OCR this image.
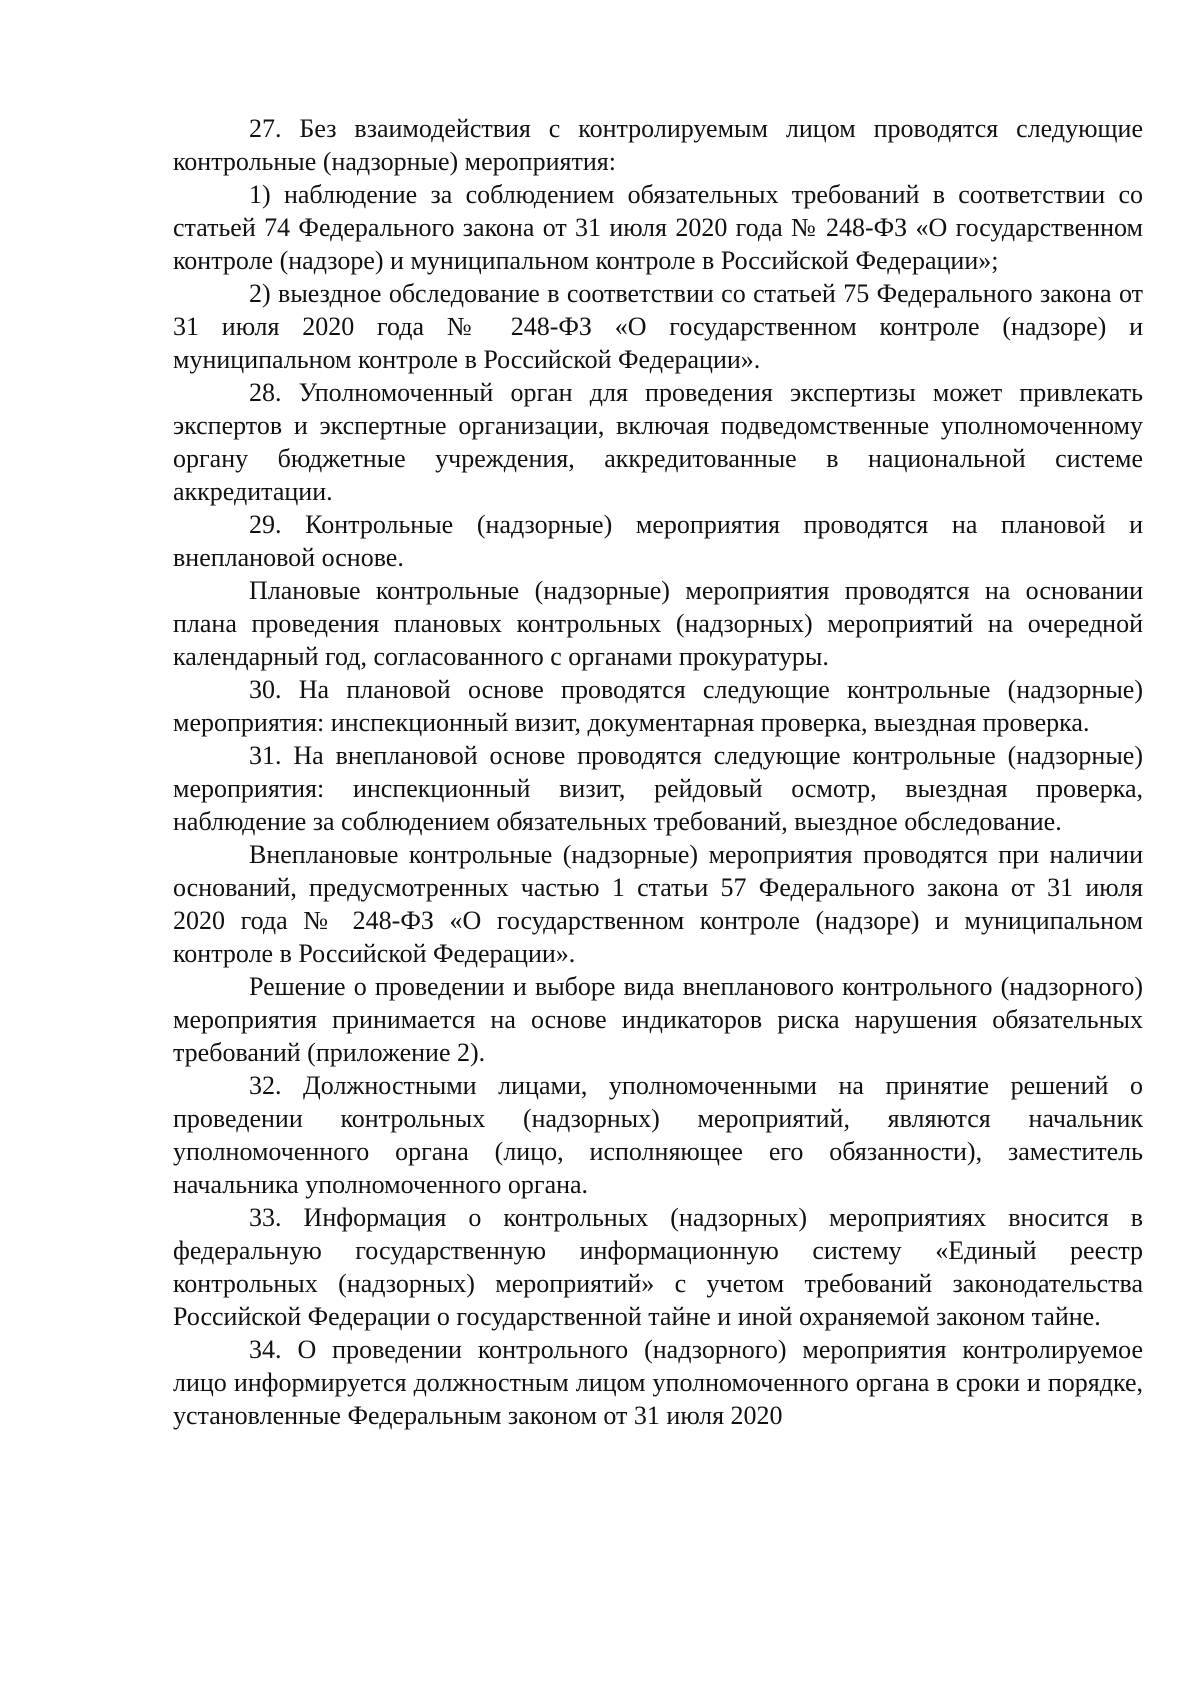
27. Без взаимодействия с контролируемым лицом проводятся следующие контрольные (надзорные) мероприятия:

1) наблюдение за соблюдением обязательных требований в соответствии со статьей 74 Федерального закона от 31 июля 2020 года № 248-ФЗ «О государственном контроле (надзоре) и муниципальном контроле в Российской Федерации»;

2) выездное обследование в соответствии со статьей 75 Федерального закона от 31 июля 2020 года № 248-ФЗ «О государственном контроле (надзоре) и муниципальном контроле в Российской Федерации».

28. Уполномоченный орган для проведения экспертизы может привлекать экспертов и экспертные организации, включая подведомственные уполномоченному органу бюджетные учреждения, аккредитованные в национальной системе аккредитации.

29. Контрольные (надзорные) мероприятия проводятся на плановой и внеплановой основе.

Плановые контрольные (надзорные) мероприятия проводятся на основании плана проведения плановых контрольных (надзорных) мероприятий на очередной календарный год, согласованного с органами прокуратуры.

30. На плановой основе проводятся следующие контрольные (надзорные) мероприятия: инспекционный визит, документарная проверка, выездная проверка.

31. На внеплановой основе проводятся следующие контрольные (надзорные) мероприятия: инспекционный визит, рейдовый осмотр, выездная проверка, наблюдение за соблюдением обязательных требований, выездное обследование.

Внеплановые контрольные (надзорные) мероприятия проводятся при наличии оснований, предусмотренных частью 1 статьи 57 Федерального закона от 31 июля 2020 года № 248-ФЗ «О государственном контроле (надзоре) и муниципальном контроле в Российской Федерации».

Решение о проведении и выборе вида внепланового контрольного (надзорного) мероприятия принимается на основе индикаторов риска нарушения обязательных требований (приложение 2).

32. Должностными лицами, уполномоченными на принятие решений о проведении контрольных (надзорных) мероприятий, являются начальник уполномоченного органа (лицо, исполняющее его обязанности), заместитель начальника уполномоченного органа.

33. Информация о контрольных (надзорных) мероприятиях вносится в федеральную государственную информационную систему «Единый реестр контрольных (надзорных) мероприятий» с учетом требований законодательства Российской Федерации о государственной тайне и иной охраняемой законом тайне.

34. О проведении контрольного (надзорного) мероприятия контролируемое лицо информируется должностным лицом уполномоченного органа в сроки и порядке, установленные Федеральным законом от 31 июля 2020
